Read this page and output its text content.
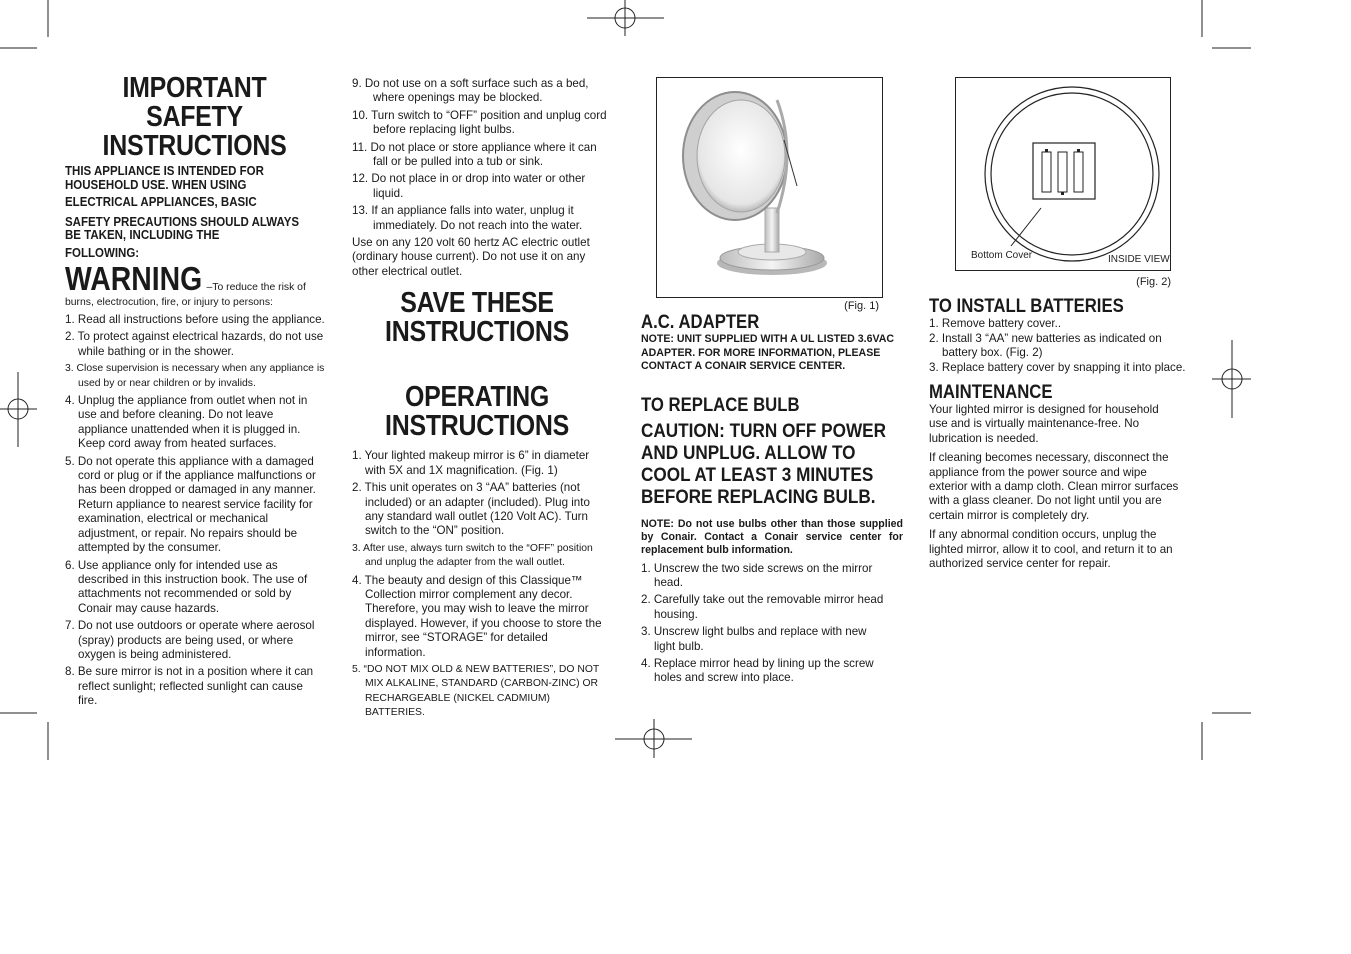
IMPORTANT SAFETY INSTRUCTIONS

THIS APPLIANCE IS INTENDED FOR HOUSEHOLD USE. WHEN USING

ELECTRICAL APPLIANCES, BASIC

SAFETY PRECAUTIONS SHOULD ALWAYS BE TAKEN, INCLUDING THE

FOLLOWING:

WARNING –To reduce the risk of burns, electrocution, fire, or injury to persons:
1. Read all instructions before using the appliance.
2. To protect against electrical hazards, do not use while bathing or in the shower.
3. Close supervision is necessary when any appliance is used by or near children or by invalids.
4. Unplug the appliance from outlet when not in use and before cleaning. Do not leave appliance unattended when it is plugged in. Keep cord away from heated surfaces.
5. Do not operate this appliance with a damaged cord or plug or if the appliance malfunctions or has been dropped or damaged in any manner. Return appliance to nearest service facility for examination, electrical or mechanical adjustment, or repair. No repairs should be attempted by the consumer.
6. Use appliance only for intended use as described in this instruction book. The use of attachments not recommended or sold by Conair may cause hazards.
7. Do not use outdoors or operate where aerosol (spray) products are being used, or where oxygen is being administered.
8. Be sure mirror is not in a position where it can reflect sunlight; reflected sunlight can cause fire.
9. Do not use on a soft surface such as a bed, where openings may be blocked.
10. Turn switch to “OFF” position and unplug cord before replacing light bulbs.
11. Do not place or store appliance where it can fall or be pulled into a tub or sink.
12. Do not place in or drop into water or other liquid.
13. If an appliance falls into water, unplug it immediately. Do not reach into the water.

Use on any 120 volt 60 hertz AC electric outlet (ordinary house current). Do not use it on any other electrical outlet.

SAVE THESE INSTRUCTIONS
OPERATING INSTRUCTIONS
1. Your lighted makeup mirror is 6” in diameter with 5X and 1X magnification. (Fig. 1)
2. This unit operates on 3 “AA” batteries (not included) or an adapter (included). Plug into any standard wall outlet (120 Volt AC). Turn switch to the “ON” position.
3. After use, always turn switch to the “OFF” position and unplug the adapter from the wall outlet.
4. The beauty and design of this Classique™ Collection mirror complement any decor. Therefore, you may wish to leave the mirror displayed. However, if you choose to store the mirror, see “STORAGE” for detailed information.
5. “DO NOT MIX OLD & NEW BATTERIES”, DO NOT MIX ALKALINE, STANDARD (CARBON-ZINC) OR RECHARGEABLE (NICKEL CADMIUM) BATTERIES.
(Fig. 1)
A.C. ADAPTER

NOTE: UNIT SUPPLIED WITH A UL LISTED 3.6VAC ADAPTER. FOR MORE INFORMATION, PLEASE CONTACT A CONAIR SERVICE CENTER.

TO REPLACE BULB

CAUTION: TURN OFF POWER AND UNPLUG. ALLOW TO COOL AT LEAST 3 MINUTES BEFORE REPLACING BULB.

NOTE: Do not use bulbs other than those supplied by Conair. Contact a Conair service center for replacement bulb information.

1. Unscrew the two side screws on the mirror head.
2. Carefully take out the removable mirror head housing.
3. Unscrew light bulbs and replace with new light bulb.
4. Replace mirror head by lining up the screw holes and screw into place.
Bottom Cover	INSIDE VIEW
(Fig. 2)
TO INSTALL BATTERIES
1. Remove battery cover..
2. Install 3 “AA” new batteries as indicated on battery box. (Fig. 2)
3. Replace battery cover by snapping it into place.
MAINTENANCE

Your lighted mirror is designed for household use and is virtually maintenance-free. No lubrication is needed.

If cleaning becomes necessary, disconnect the appliance from the power source and wipe exterior with a damp cloth. Clean mirror surfaces with a glass cleaner. Do not light until you are certain mirror is completely dry.

If any abnormal condition occurs, unplug the lighted mirror, allow it to cool, and return it to an authorized service center for repair.
